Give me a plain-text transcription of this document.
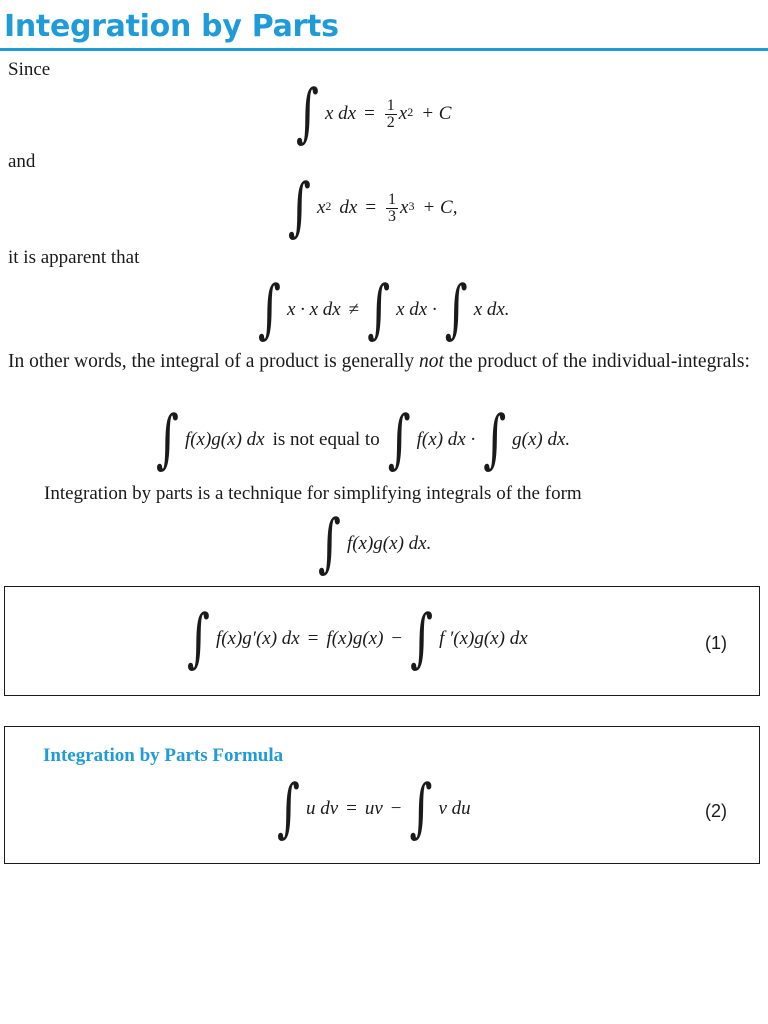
Integration by Parts

Since

∫ x dx = $\frac{1}{2} x^2 + C$

and

∫ $x^2$ dx = $\frac{1}{3} x^3 + C$,

it is apparent that

∫ x · x dx ≠ ∫ x dx · ∫ x dx.

In other words, the integral of a product is generally not the product of the individual-integrals:

∫ f(x)g(x) dx is not equal to ∫ f(x) dx · ∫ g(x) dx.

Integration by parts is a technique for simplifying integrals of the form

∫ f(x)g(x) dx.
∫ f(x)g′(x) dx = f(x)g(x) − ∫ f ′(x)g(x) dx	(1)

Integration by Parts Formula

∫ u dv = uv − ∫ v du	(2)
